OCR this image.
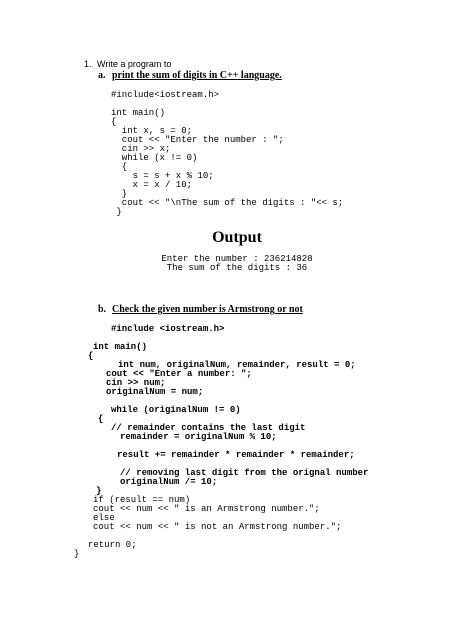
1. Write a program to
a. print the sum of digits in C++ language.
#include<iostream.h>
int main()
{
int x, s = 0;
cout << "Enter the number : ";
cin >> x;
while (x != 0)
{
s = s + x % 10;
x = x / 10;
}
cout << "\nThe sum of the digits : "<< s;
}
Output
Enter the number : 236214828
The sum of the digits : 36
b. Check the given number is Armstrong or not
#include <iostream.h>
int main()
{
int num, originalNum, remainder, result = 0;
cout << "Enter a number: ";
cin >> num;
originalNum = num;
while (originalNum != 0)
{
// remainder contains the last digit
remainder = originalNum % 10;
result += remainder * remainder * remainder;
// removing last digit from the orignal number
originalNum /= 10;
}
if (result == num)
cout << num << " is an Armstrong number.";
else
cout << num << " is not an Armstrong number.";
return 0;
}
